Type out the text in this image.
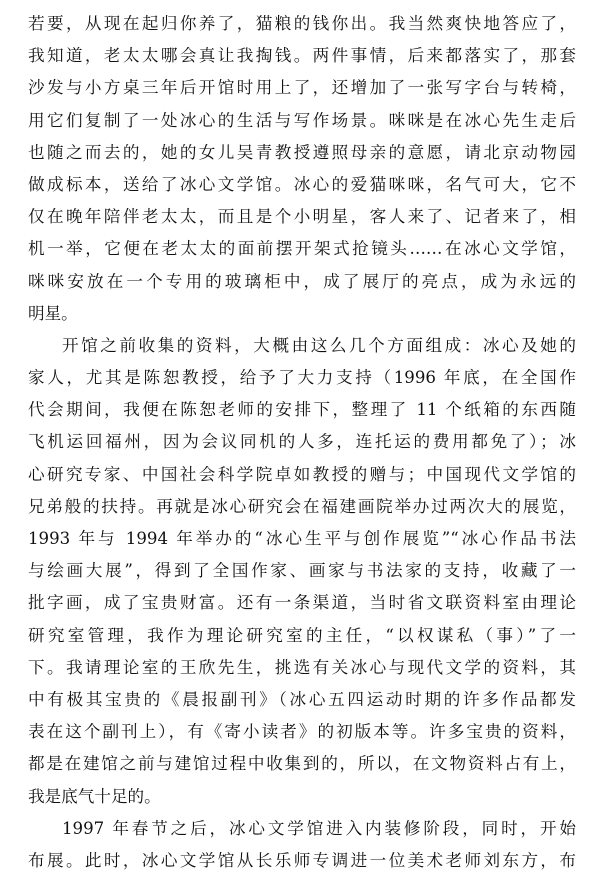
若要，从现在起归你养了，猫粮的钱你出。我当然爽快地答应了，
我知道，老太太哪会真让我掏钱。两件事情，后来都落实了，那套
沙发与小方桌三年后开馆时用上了，还增加了一张写字台与转椅，
用它们复制了一处冰心的生活与写作场景。咪咪是在冰心先生走后
也随之而去的，她的女儿吴青教授遵照母亲的意愿，请北京动物园
做成标本，送给了冰心文学馆。冰心的爱猫咪咪，名气可大，它不
仅在晚年陪伴老太太，而且是个小明星，客人来了、记者来了，相
机一举，它便在老太太的面前摆开架式抢镜头……在冰心文学馆，
咪咪安放在一个专用的玻璃柜中，成了展厅的亮点，成为永远的
明星。
开馆之前收集的资料，大概由这么几个方面组成：冰心及她的
家人，尤其是陈恕教授，给予了大力支持（1996 年底，在全国作
代会期间，我便在陈恕老师的安排下，整理了 11 个纸箱的东西随
飞机运回福州，因为会议同机的人多，连托运的费用都免了）；冰
心研究专家、中国社会科学院卓如教授的赠与；中国现代文学馆的
兄弟般的扶持。再就是冰心研究会在福建画院举办过两次大的展览，
1993 年与 1994 年举办的“冰心生平与创作展览”“冰心作品书法
与绘画大展”，得到了全国作家、画家与书法家的支持，收藏了一
批字画，成了宝贵财富。还有一条渠道，当时省文联资料室由理论
研究室管理，我作为理论研究室的主任，“以权谋私（事）”了一
下。我请理论室的王欣先生，挑选有关冰心与现代文学的资料，其
中有极其宝贵的《晨报副刊》（冰心五四运动时期的许多作品都发
表在这个副刊上），有《寄小读者》的初版本等。许多宝贵的资料，
都是在建馆之前与建馆过程中收集到的，所以，在文物资料占有上，
我是底气十足的。
1997 年春节之后，冰心文学馆进入内装修阶段，同时，开始
布展。此时，冰心文学馆从长乐师专调进一位美术老师刘东方，布
